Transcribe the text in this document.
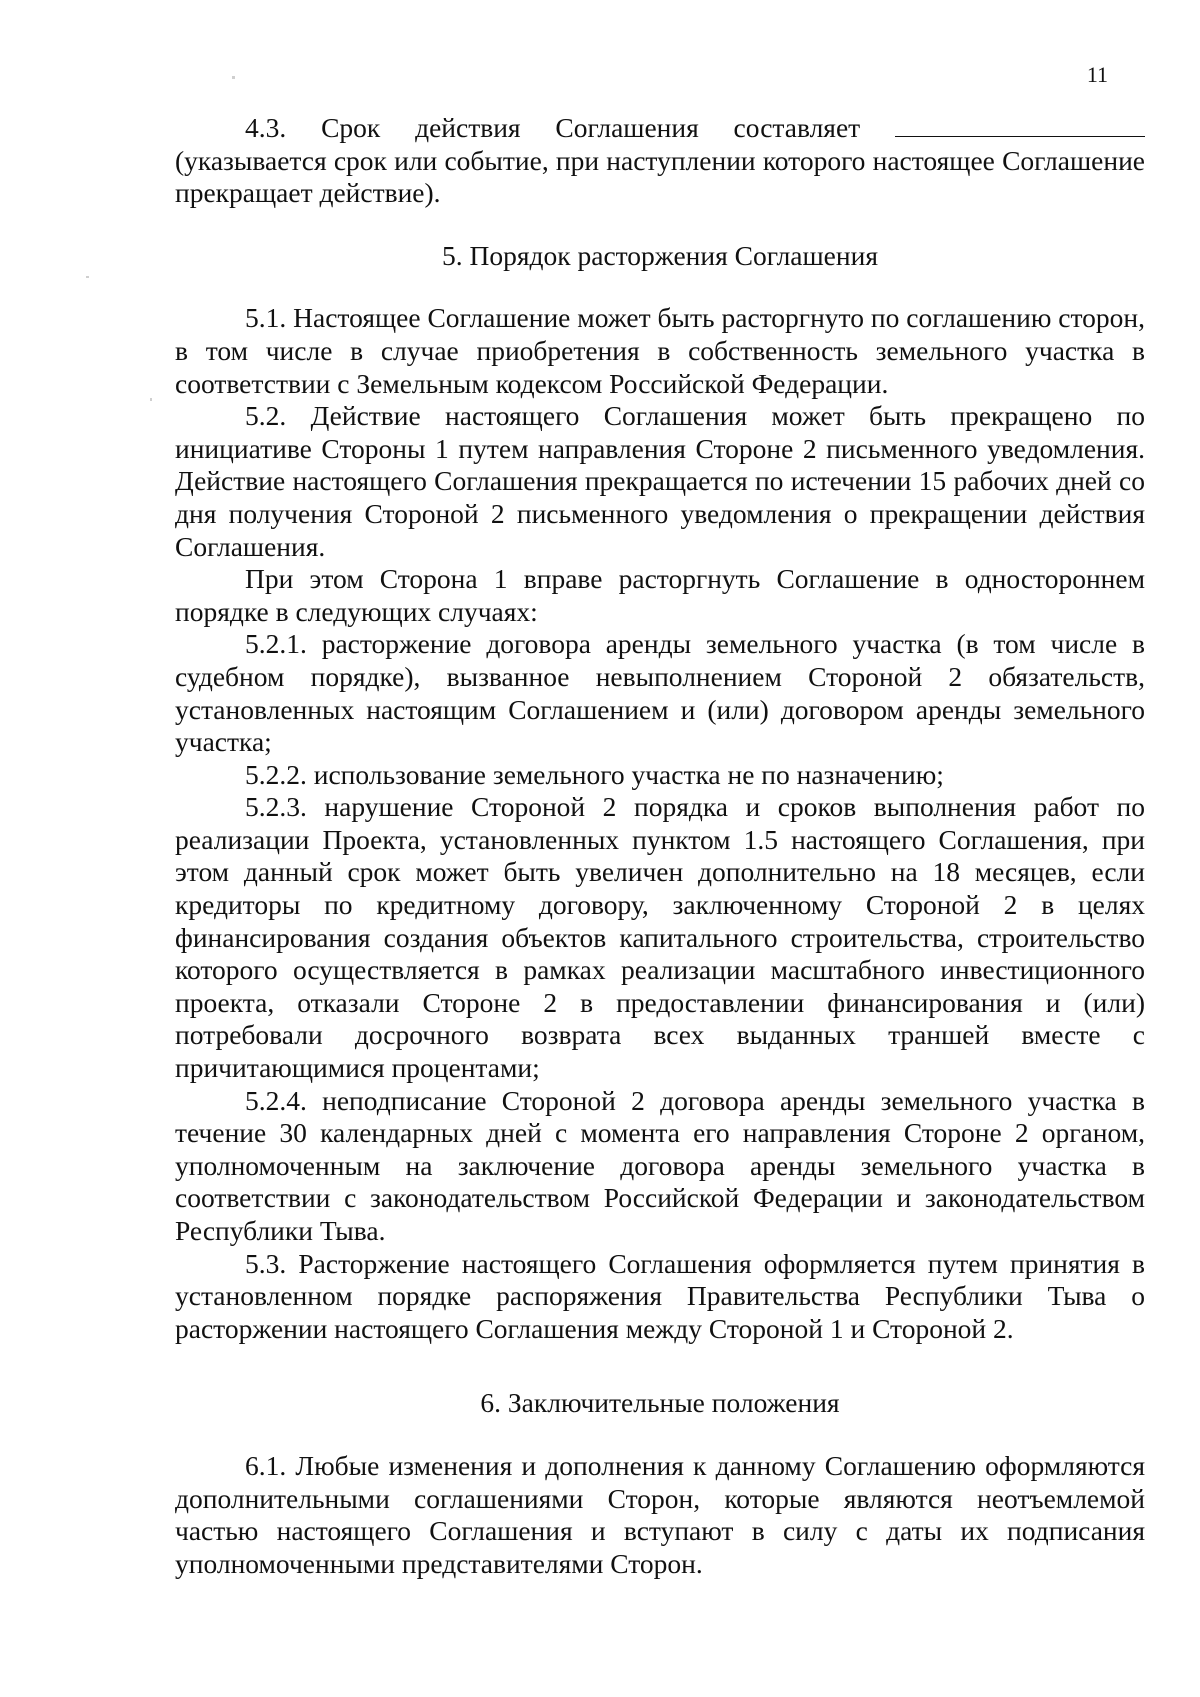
11

4.3. Срок действия Соглашения составляет  (указывается срок или событие, при наступлении которого настоящее Соглашение прекращает действие).

5. Порядок расторжения Соглашения

5.1. Настоящее Соглашение может быть расторгнуто по соглашению сторон, в том числе в случае приобретения в собственность земельного участка в соответствии с Земельным кодексом Российской Федерации.

5.2. Действие настоящего Соглашения может быть прекращено по инициативе Стороны 1 путем направления Стороне 2 письменного уведомления. Действие настоящего Соглашения прекращается по истечении 15 рабочих дней со дня получения Стороной 2 письменного уведомления о прекращении действия Соглашения.

При этом Сторона 1 вправе расторгнуть Соглашение в одностороннем порядке в следующих случаях:

5.2.1. расторжение договора аренды земельного участка (в том числе в судебном порядке), вызванное невыполнением Стороной 2 обязательств, установленных настоящим Соглашением и (или) договором аренды земельного участка;

5.2.2. использование земельного участка не по назначению;

5.2.3. нарушение Стороной 2 порядка и сроков выполнения работ по реализации Проекта, установленных пунктом 1.5 настоящего Соглашения, при этом данный срок может быть увеличен дополнительно на 18 месяцев, если кредиторы по кредитному договору, заключенному Стороной 2 в целях финансирования создания объектов капитального строительства, строительство которого осуществляется в рамках реализации масштабного инвестиционного проекта, отказали Стороне 2 в предоставлении финансирования и (или) потребовали досрочного возврата всех выданных траншей вместе с причитающимися процентами;

5.2.4. неподписание Стороной 2 договора аренды земельного участка в течение 30 календарных дней с момента его направления Стороне 2 органом, уполномоченным на заключение договора аренды земельного участка в соответствии с законодательством Российской Федерации и законодательством Республики Тыва.

5.3. Расторжение настоящего Соглашения оформляется путем принятия в установленном порядке распоряжения Правительства Республики Тыва о расторжении настоящего Соглашения между Стороной 1 и Стороной 2.

6. Заключительные положения

6.1. Любые изменения и дополнения к данному Соглашению оформляются дополнительными соглашениями Сторон, которые являются неотъемлемой частью настоящего Соглашения и вступают в силу с даты их подписания уполномоченными представителями Сторон.
